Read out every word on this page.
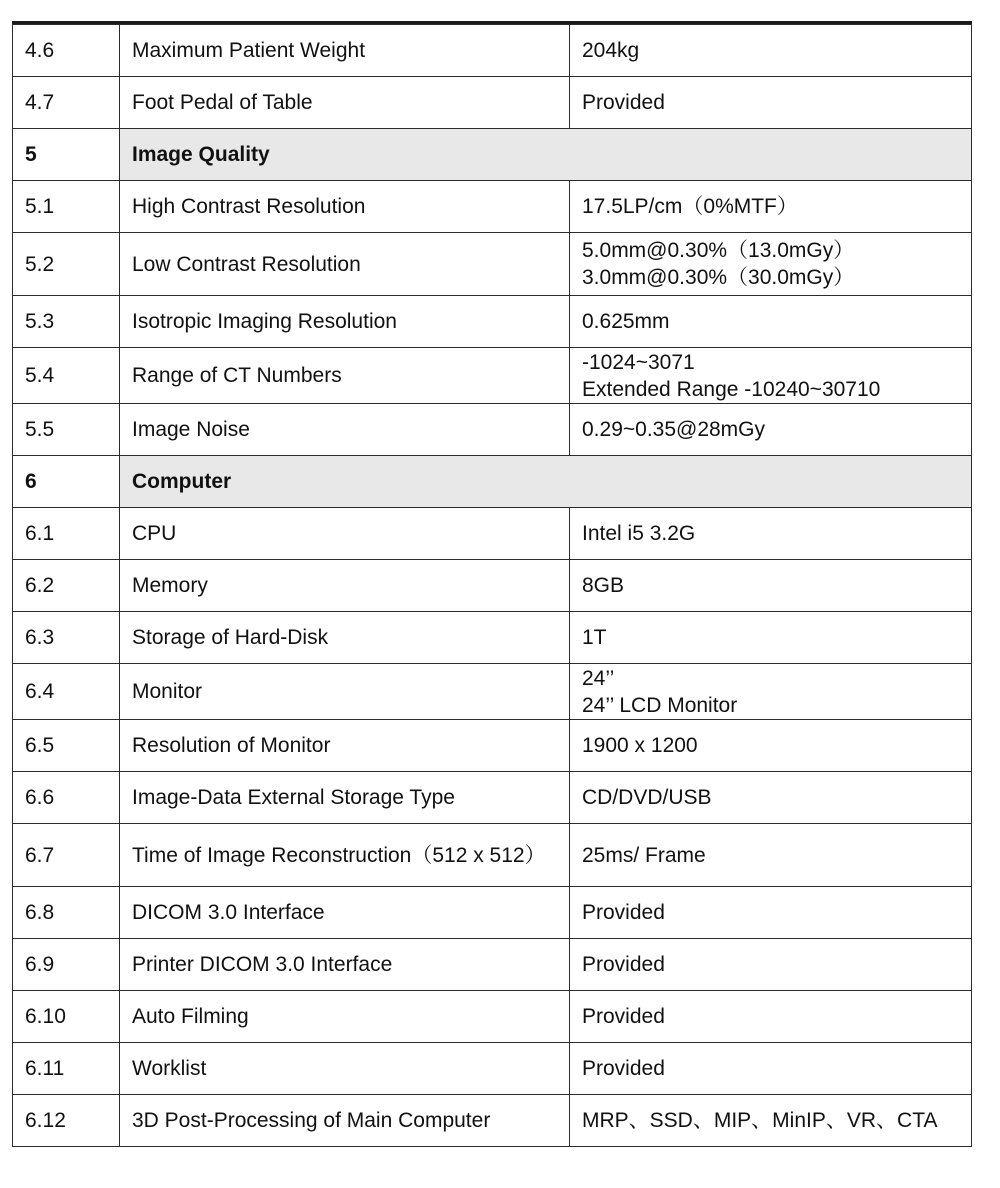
4.6	Maximum Patient Weight	204kg
4.7	Foot Pedal of Table	Provided
5	Image Quality	
5.1	High Contrast Resolution	17.5LP/cm（0%MTF）
5.2	Low Contrast Resolution	5.0mm@0.30%（13.0mGy）
3.0mm@0.30%（30.0mGy）

5.3	Isotropic Imaging Resolution	0.625mm
5.4	Range of CT Numbers	-1024~3071
Extended Range -10240~30710

5.5	Image Noise	0.29~0.35@28mGy
6	Computer	
6.1	CPU	Intel i5 3.2G
6.2	Memory	8GB
6.3	Storage of Hard-Disk	1T
6.4	Monitor	24’’
24’’ LCD Monitor

6.5	Resolution of Monitor	1900 x 1200
6.6	Image-Data External Storage Type	CD/DVD/USB
6.7	Time of Image Reconstruction（512 x 512）	25ms/ Frame
6.8	DICOM 3.0 Interface	Provided
6.9	Printer DICOM 3.0 Interface	Provided
6.10	Auto Filming	Provided
6.11	Worklist	Provided
6.12	3D Post-Processing of Main Computer	MRP、SSD、MIP、MinIP、VR、CTA
